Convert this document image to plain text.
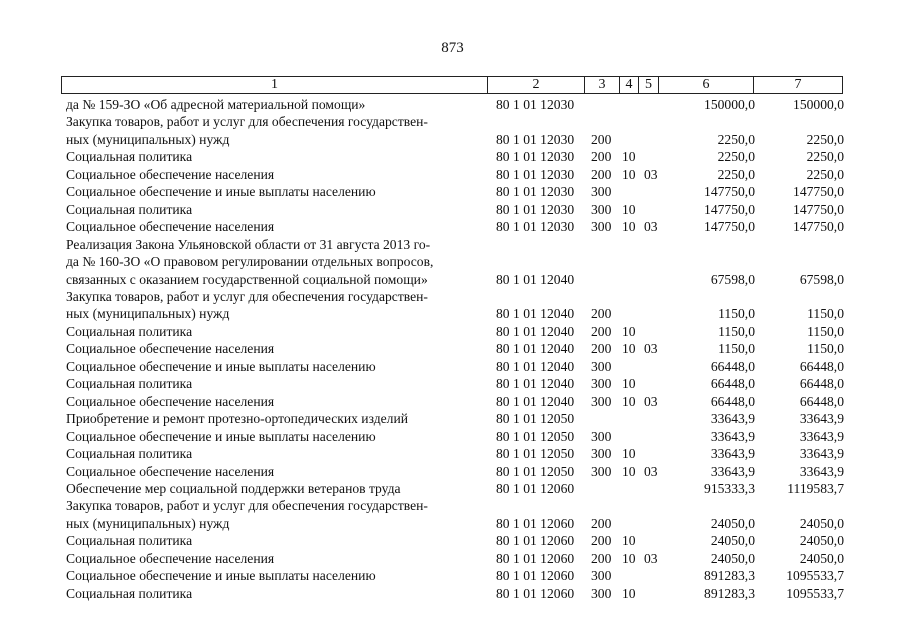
873
1	2	3	4 5	6	7
да № 159-ЗО «Об адресной материальной помощи»	80 1 01 12030	150000,0	150000,0
Закупка товаров, работ и услуг для обеспечения государствен-
ных (муниципальных) нужд	80 1 01 12030 200	2250,0	2250,0
Социальная политика	80 1 01 12030 200 10	2250,0	2250,0
Социальное обеспечение населения	80 1 01 12030 200 10 03	2250,0	2250,0
Социальное обеспечение и иные выплаты населению	80 1 01 12030 300	147750,0	147750,0
Социальная политика	80 1 01 12030 300 10	147750,0	147750,0
Социальное обеспечение населения	80 1 01 12030 300 10 03	147750,0	147750,0
Реализация Закона Ульяновской области от 31 августа 2013 го-
да № 160-ЗО «О правовом регулировании отдельных вопросов,
связанных с оказанием государственной социальной помощи»	80 1 01 12040	67598,0	67598,0
Закупка товаров, работ и услуг для обеспечения государствен-
ных (муниципальных) нужд	80 1 01 12040 200	1150,0	1150,0
Социальная политика	80 1 01 12040 200 10	1150,0	1150,0
Социальное обеспечение населения	80 1 01 12040 200 10 03	1150,0	1150,0
Социальное обеспечение и иные выплаты населению	80 1 01 12040 300	66448,0	66448,0
Социальная политика	80 1 01 12040 300 10	66448,0	66448,0
Социальное обеспечение населения	80 1 01 12040 300 10 03	66448,0	66448,0
Приобретение и ремонт протезно-ортопедических изделий	80 1 01 12050	33643,9	33643,9
Социальное обеспечение и иные выплаты населению	80 1 01 12050 300	33643,9	33643,9
Социальная политика	80 1 01 12050 300 10	33643,9	33643,9
Социальное обеспечение населения	80 1 01 12050 300 10 03	33643,9	33643,9
Обеспечение мер социальной поддержки ветеранов труда	80 1 01 12060	915333,3	1119583,7
Закупка товаров, работ и услуг для обеспечения государствен-
ных (муниципальных) нужд	80 1 01 12060 200	24050,0	24050,0
Социальная политика	80 1 01 12060 200 10	24050,0	24050,0
Социальное обеспечение населения	80 1 01 12060 200 10 03	24050,0	24050,0
Социальное обеспечение и иные выплаты населению	80 1 01 12060 300	891283,3	1095533,7
Социальная политика	80 1 01 12060 300 10	891283,3	1095533,7
